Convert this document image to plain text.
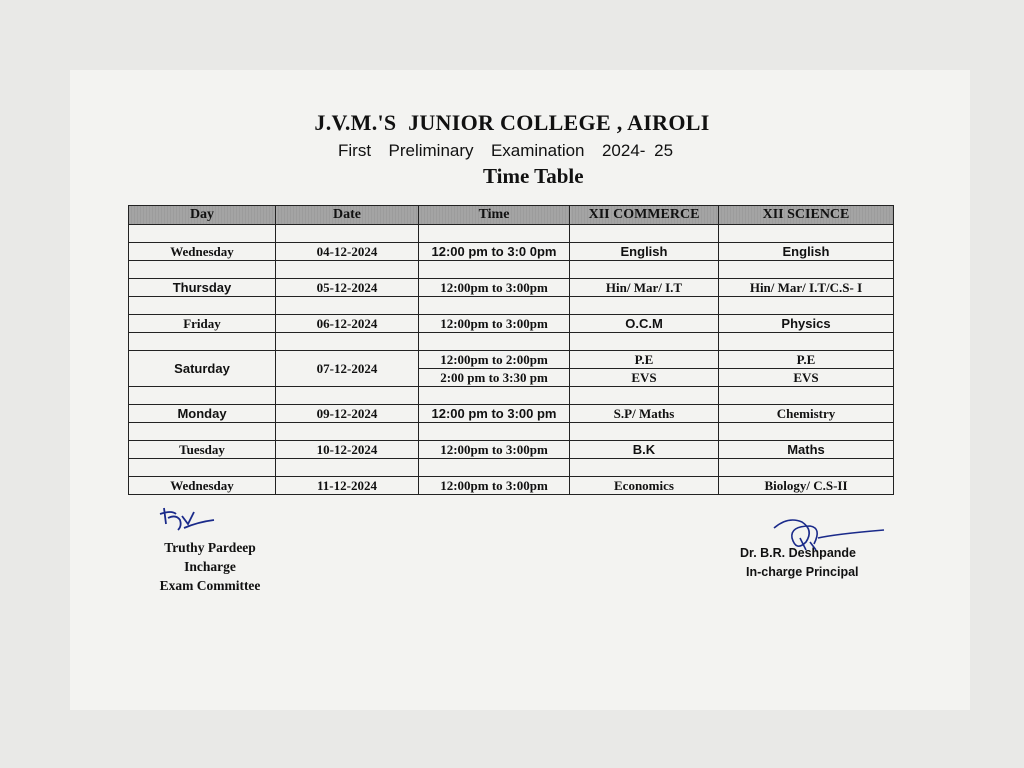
J.V.M.'S  JUNIOR COLLEGE , AIROLI
First  Preliminary  Examination  2024- 25
Time Table
Day	Date	Time	XII COMMERCE	XII SCIENCE

Wednesday	04-12-2024	12:00 pm to 3:0 0pm	English	English

Thursday	05-12-2024	12:00pm to 3:00pm	Hin/ Mar/ I.T	Hin/ Mar/ I.T/C.S- I

Friday	06-12-2024	12:00pm to 3:00pm	O.C.M	Physics

Saturday	07-12-2024	12:00pm to 2:00pm	P.E	P.E
		2:00 pm to 3:30 pm	EVS	EVS

Monday	09-12-2024	12:00 pm to 3:00 pm	S.P/ Maths	Chemistry

Tuesday	10-12-2024	12:00pm to 3:00pm	B.K	Maths

Wednesday	11-12-2024	12:00pm to 3:00pm	Economics	Biology/ C.S-II
Truthy Pardeep
Incharge
Exam Committee
Dr. B.R. Deshpande
In-charge Principal
